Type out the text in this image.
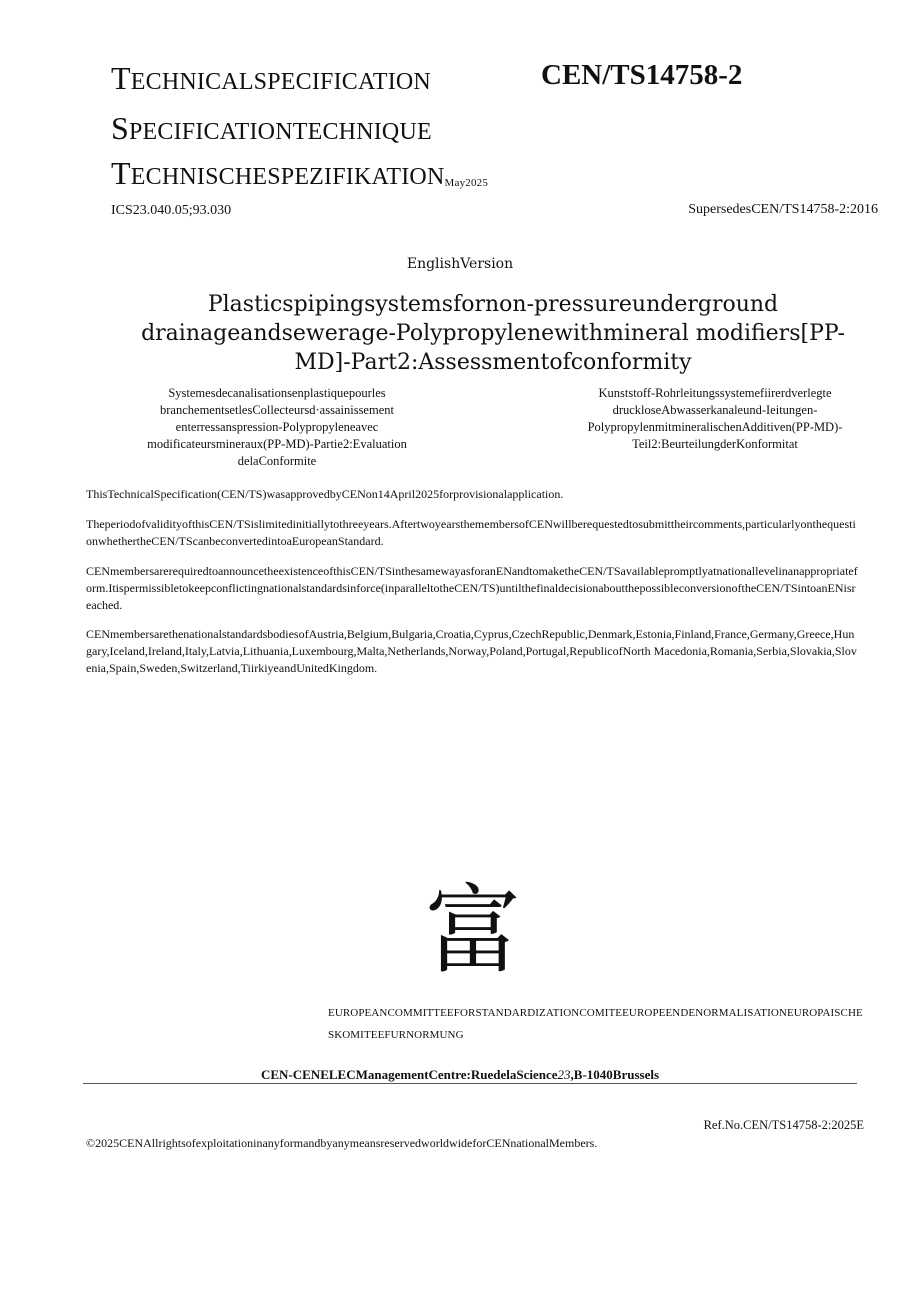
TECHNICALSPECIFICATION	CEN/TS14758-2
SPECIFICATIONTECHNIQUE
TECHNISCHESPEZIFIKATIONMay2025
ICS23.040.05;93.030	SupersedesCEN/TS14758-2:2016
EnglishVersion
Plasticspipingsystemsfornon-pressureunderground drainageandsewerage-Polypropylenewithmineral modifiers[PP-MD]-Part2:Assessmentofconformity
Systemesdecanalisationsenplastiquepourles branchementsetlesCollecteursd·assainissement enterressanspression-Polypropyleneavec modificateursmineraux(PP-MD)-Partie2:Evaluation delaConformite
Kunststoff-Rohrleitungssystemefiirerdverlegte druckloseAbwasserkanaleund-Ieitungen-PolypropylenmitmineralischenAdditiven(PP-MD)-Teil2:BeurteilungderKonformitat
ThisTechnicalSpecification(CEN/TS)wasapprovedbyCENon14April2025forprovisionalapplication.
TheperiodofvalidityofthisCEN/TSislimitedinitiallytothreeyears.AftertwoyearsthemembersofCENwillberequestedtosubmittheircomments,particularlyonthequestionwhethertheCEN/TScanbeconvertedintoaEuropeanStandard.
CENmembersarerequiredtoannouncetheexistenceofthisCEN/TSinthesamewayasforanENandtomaketheCEN/TSavailablepromptlyatnationallevelinanappropriateform.Itispermissibletokeepconflictingnationalstandardsinforce(inparalleltotheCEN/TS)untilthefinaldecisionaboutthepossibleconversionoftheCEN/TSintoanENisreached.
CENmembersarethenationalstandardsbodiesofAustria,Belgium,Bulgaria,Croatia,Cyprus,CzechRepublic,Denmark,Estonia,Finland,France,Germany,Greece,Hungary,Iceland,Ireland,Italy,Latvia,Lithuania,Luxembourg,Malta,Netherlands,Norway,Poland,Portugal,RepublicofNorth Macedonia,Romania,Serbia,Slovakia,Slovenia,Spain,Sweden,Switzerland,TiirkiyeandUnitedKingdom.
富
EUROPEANCOMMITTEEFORSTANDARDIZATIONCOMITEEUROPEENDENORMALISATIONEUROPAISCHESKOMITEEFURNORMUNG
CEN-CENELECManagementCentre:RuedelaScience23,B-1040Brussels
Ref.No.CEN/TS14758-2:2025E
©2025CENAllrightsofexploitationinanyformandbyanymeansreservedworldwideforCENnationalMembers.
